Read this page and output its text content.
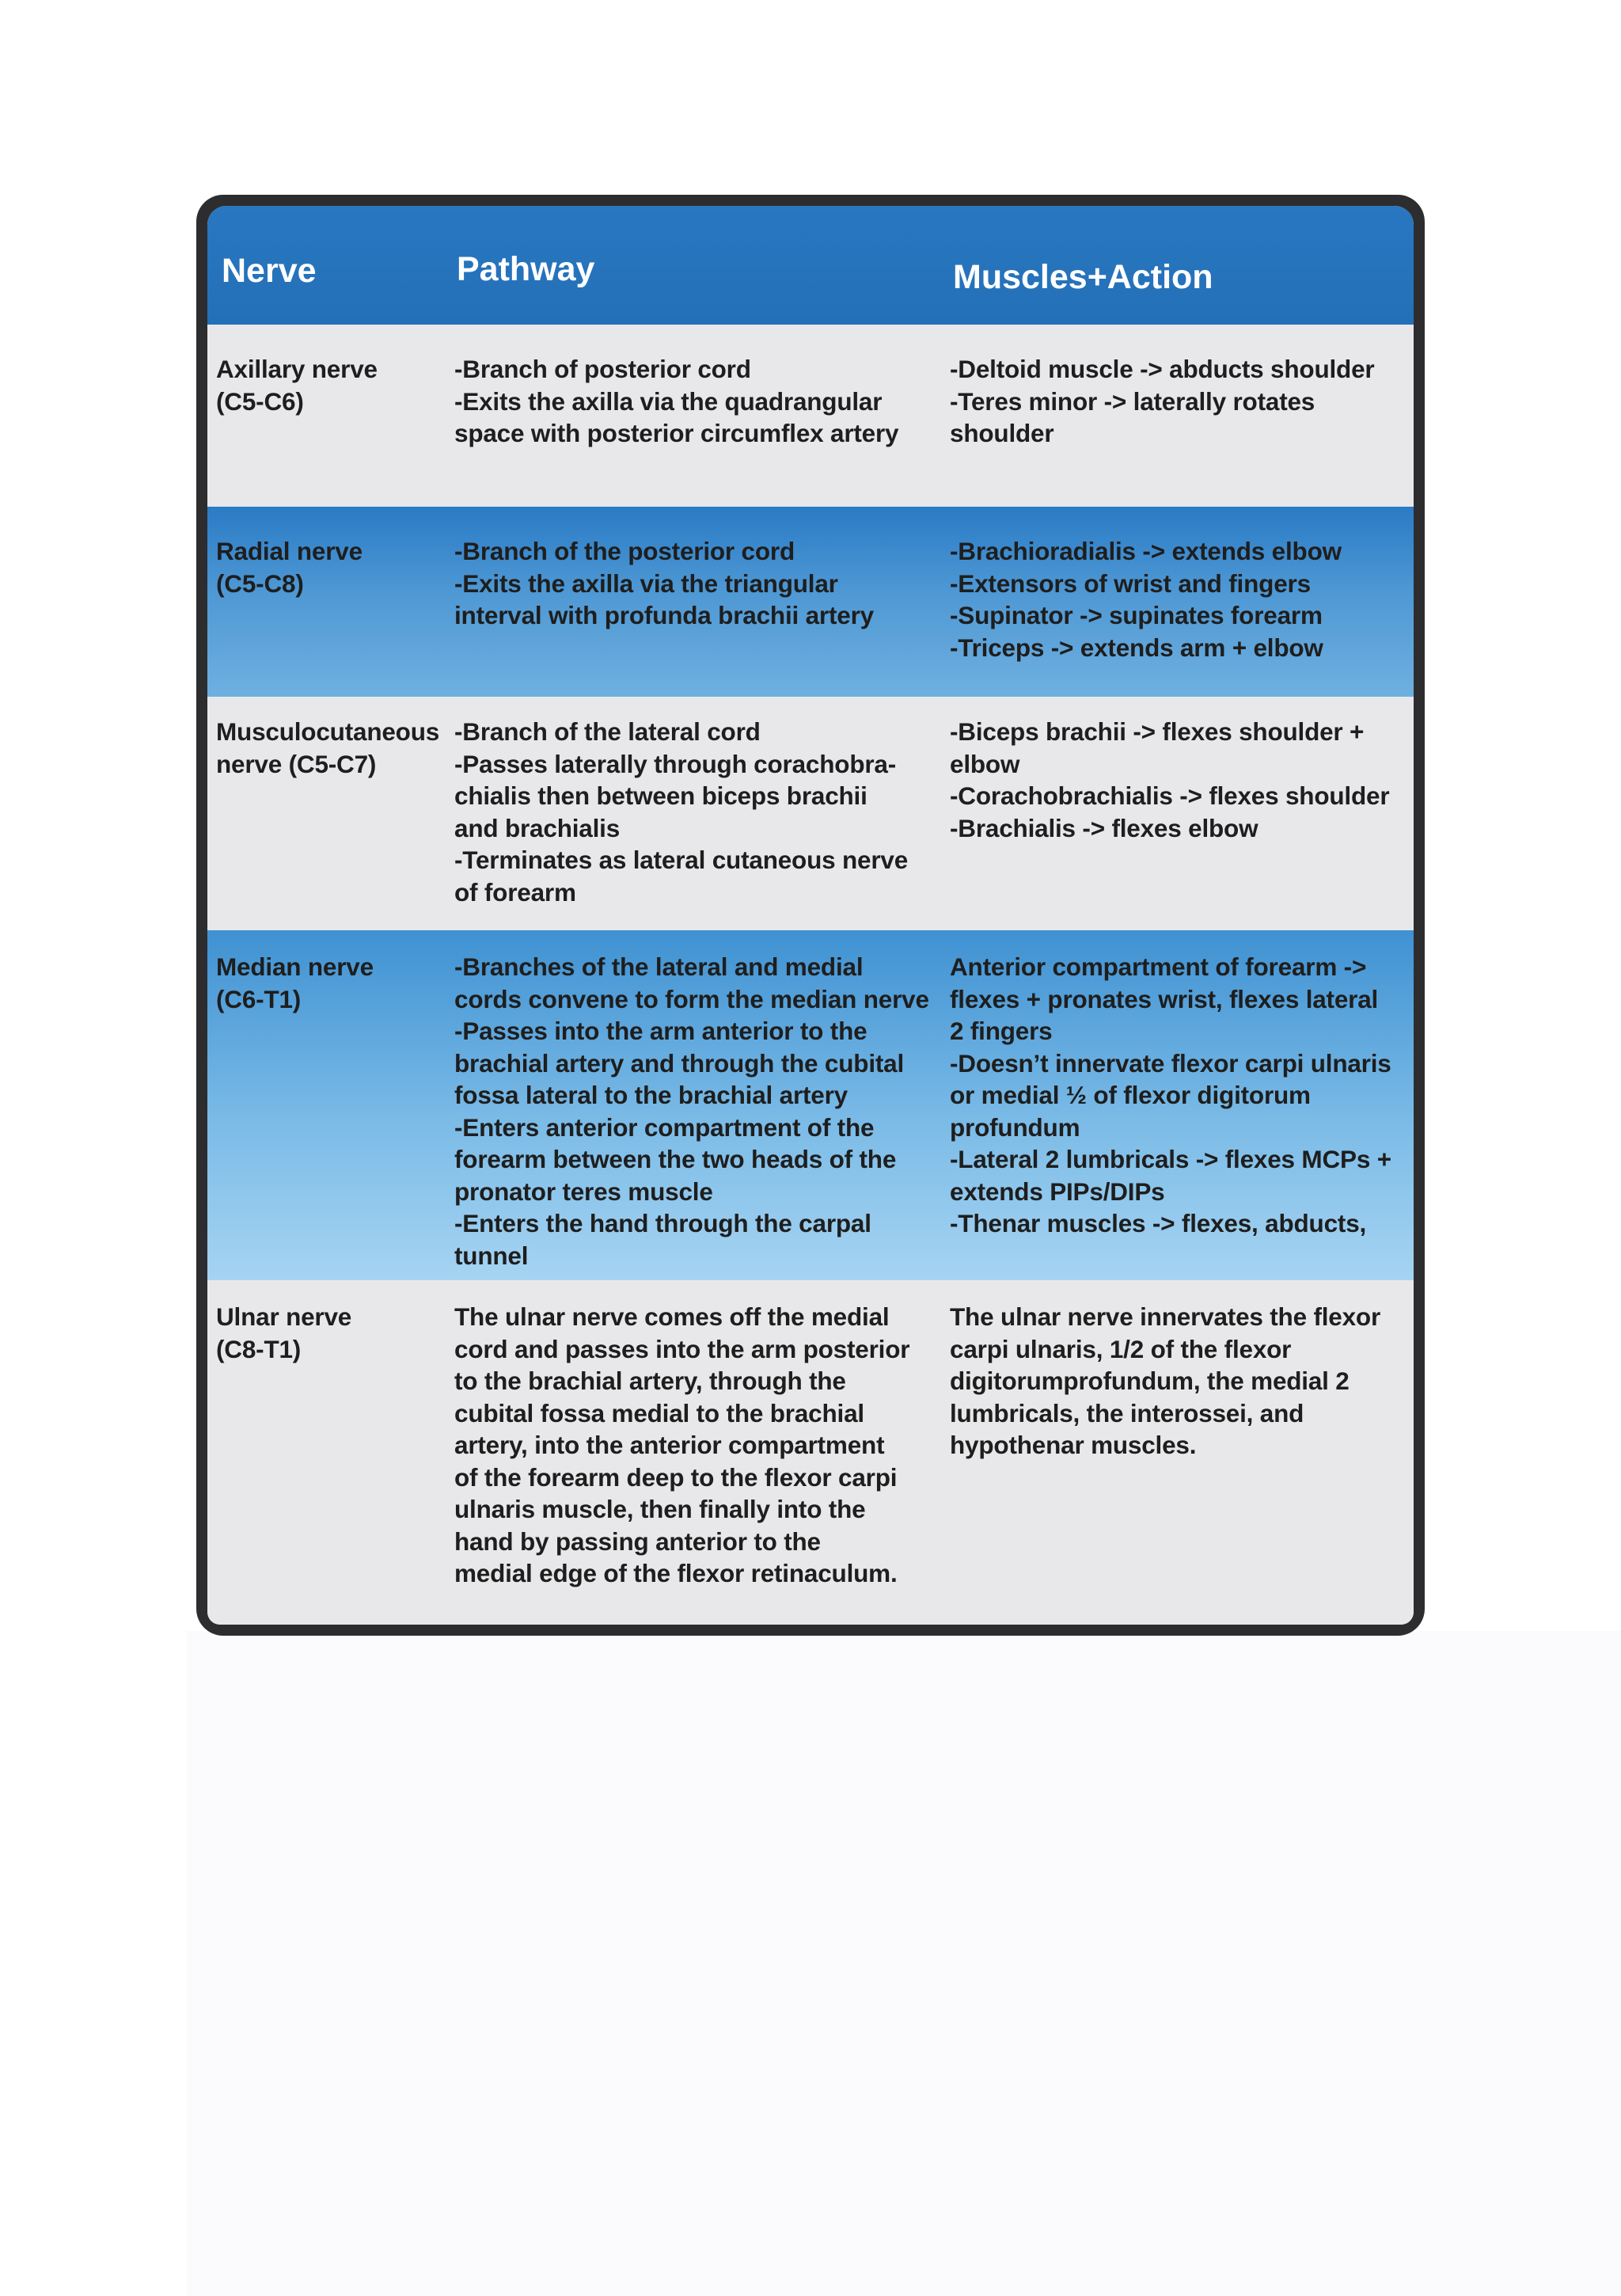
Nerve	Pathway	Muscles+Action
Axillary nerve
(C5-C6)
-Branch of posterior cord
-Exits the axilla via the quadrangular
space with posterior circumflex artery
-Deltoid muscle -> abducts shoulder
-Teres minor -> laterally rotates
shoulder
Radial nerve
(C5-C8)
-Branch of the posterior cord
-Exits the axilla via the triangular
interval with profunda brachii artery
-Brachioradialis -> extends elbow
-Extensors of wrist and fingers
-Supinator -> supinates forearm
-Triceps -> extends arm + elbow
Musculocutaneous
nerve (C5-C7)
-Branch of the lateral cord
-Passes laterally through corachobra-
chialis then between biceps brachii
and brachialis
-Terminates as lateral cutaneous nerve
of forearm
-Biceps brachii -> flexes shoulder +
elbow
-Corachobrachialis -> flexes shoulder
-Brachialis -> flexes elbow
Median nerve
(C6-T1)
-Branches of the lateral and medial
cords convene to form the median nerve
-Passes into the arm anterior to the
brachial artery and through the cubital
fossa lateral to the brachial artery
-Enters anterior compartment of the
forearm between the two heads of the
pronator teres muscle
-Enters the hand through the carpal
tunnel
Anterior compartment of forearm ->
flexes + pronates wrist, flexes lateral
2 fingers
-Doesn’t innervate flexor carpi ulnaris
or medial ½ of flexor digitorum
profundum
-Lateral 2 lumbricals -> flexes MCPs +
extends PIPs/DIPs
-Thenar muscles -> flexes, abducts,
Ulnar nerve
(C8-T1)
The ulnar nerve comes off the medial
cord and passes into the arm posterior
to the brachial artery, through the
cubital fossa medial to the brachial
artery, into the anterior compartment
of the forearm deep to the flexor carpi
ulnaris muscle, then finally into the
hand by passing anterior to the
medial edge of the flexor retinaculum.
The ulnar nerve innervates the flexor
carpi ulnaris, 1/2 of the flexor
digitorumprofundum, the medial 2
lumbricals, the interossei, and
hypothenar muscles.
